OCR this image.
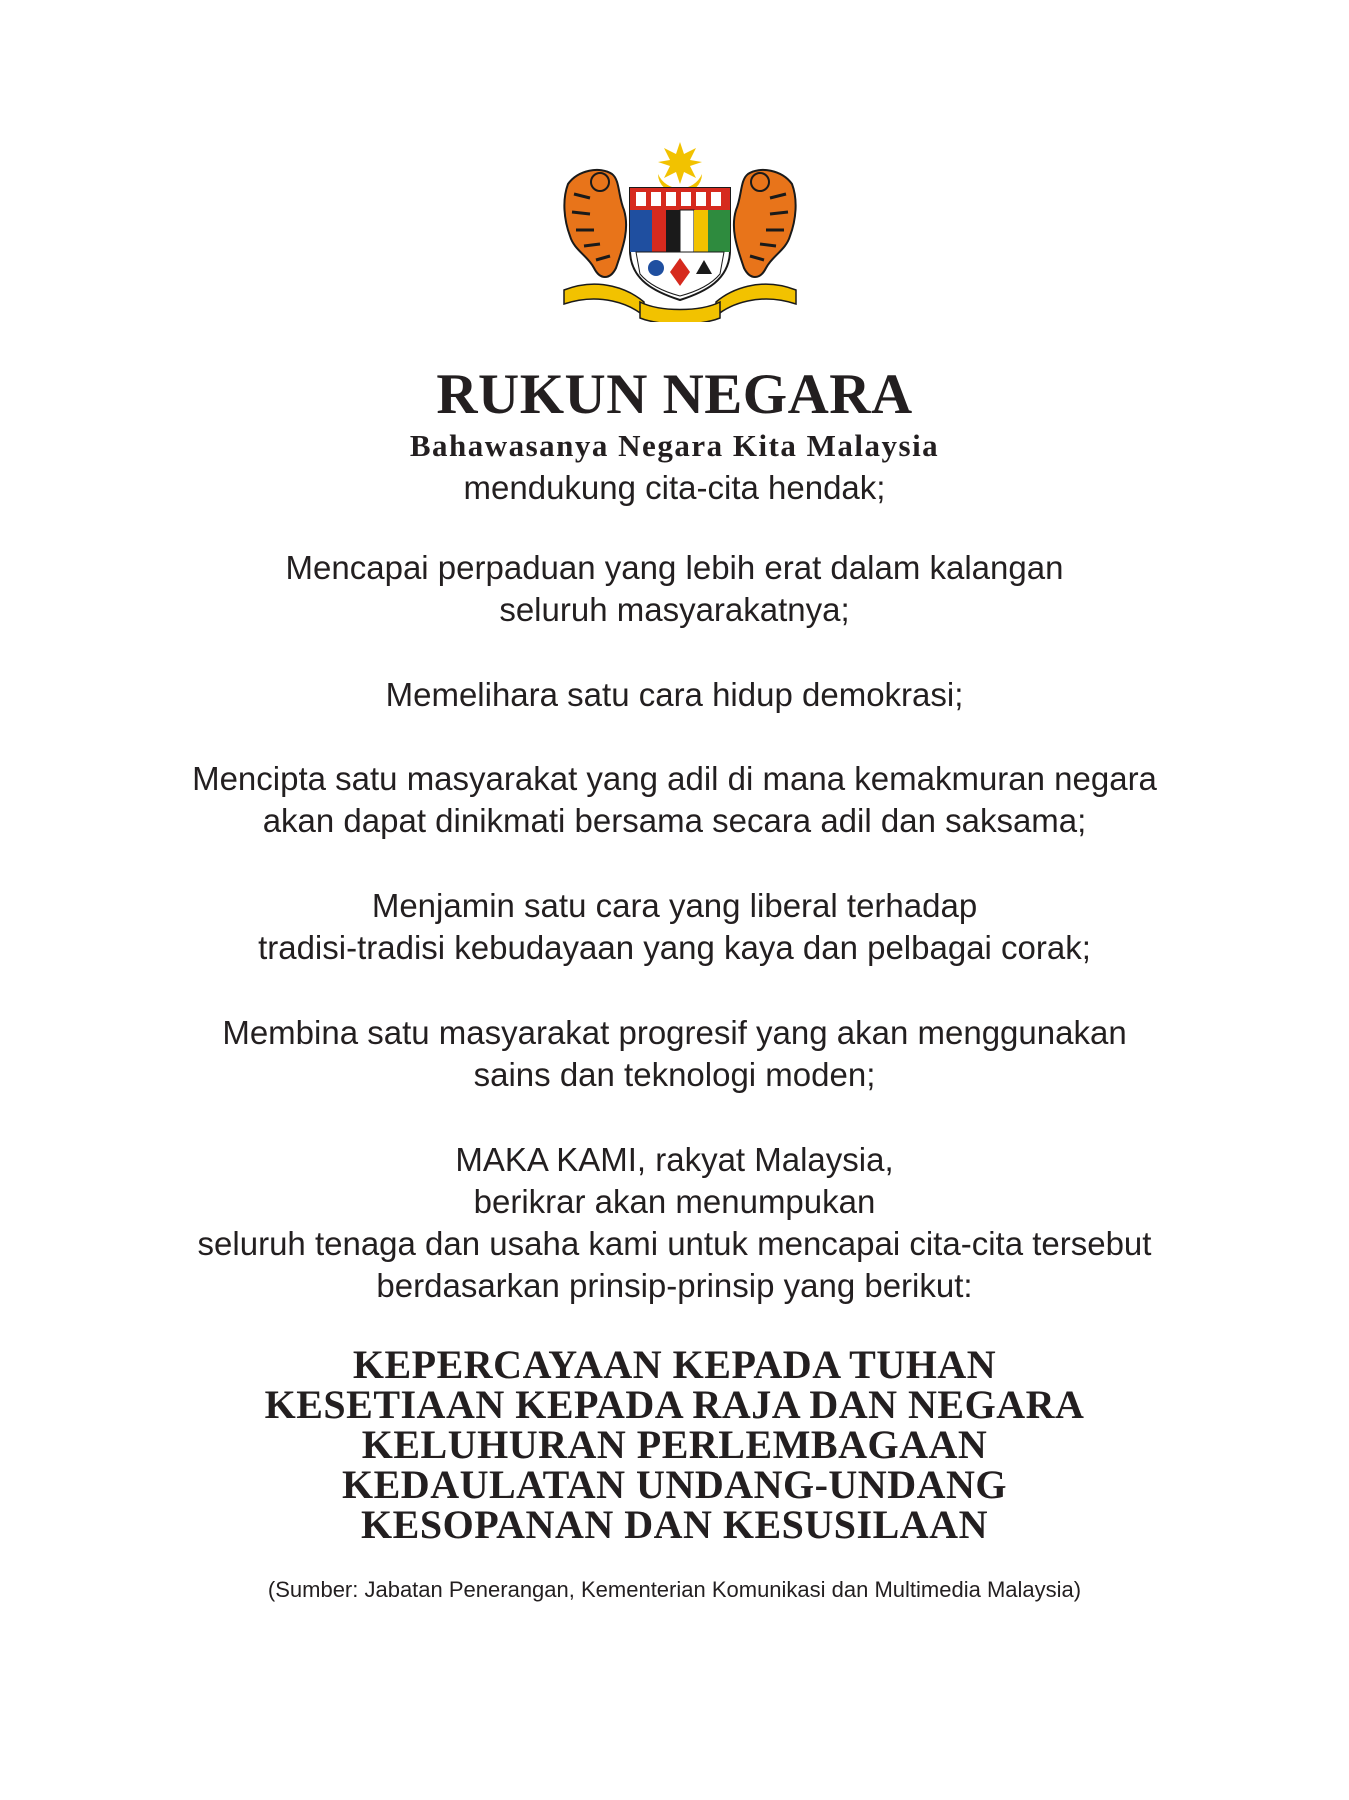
RUKUN NEGARA
Bahawasanya Negara Kita Malaysia
mendukung cita-cita hendak;
Mencapai perpaduan yang lebih erat dalam kalangan
seluruh masyarakatnya;
Memelihara satu cara hidup demokrasi;
Mencipta satu masyarakat yang adil di mana kemakmuran negara
akan dapat dinikmati bersama secara adil dan saksama;
Menjamin satu cara yang liberal terhadap
tradisi-tradisi kebudayaan yang kaya dan pelbagai corak;
Membina satu masyarakat progresif yang akan menggunakan
sains dan teknologi moden;
MAKA KAMI, rakyat Malaysia,
berikrar akan menumpukan
seluruh tenaga dan usaha kami untuk mencapai cita-cita tersebut
berdasarkan prinsip-prinsip yang berikut:
KEPERCAYAAN KEPADA TUHAN
KESETIAAN KEPADA RAJA DAN NEGARA
KELUHURAN PERLEMBAGAAN
KEDAULATAN UNDANG-UNDANG
KESOPANAN DAN KESUSILAAN
(Sumber: Jabatan Penerangan, Kementerian Komunikasi dan Multimedia Malaysia)
